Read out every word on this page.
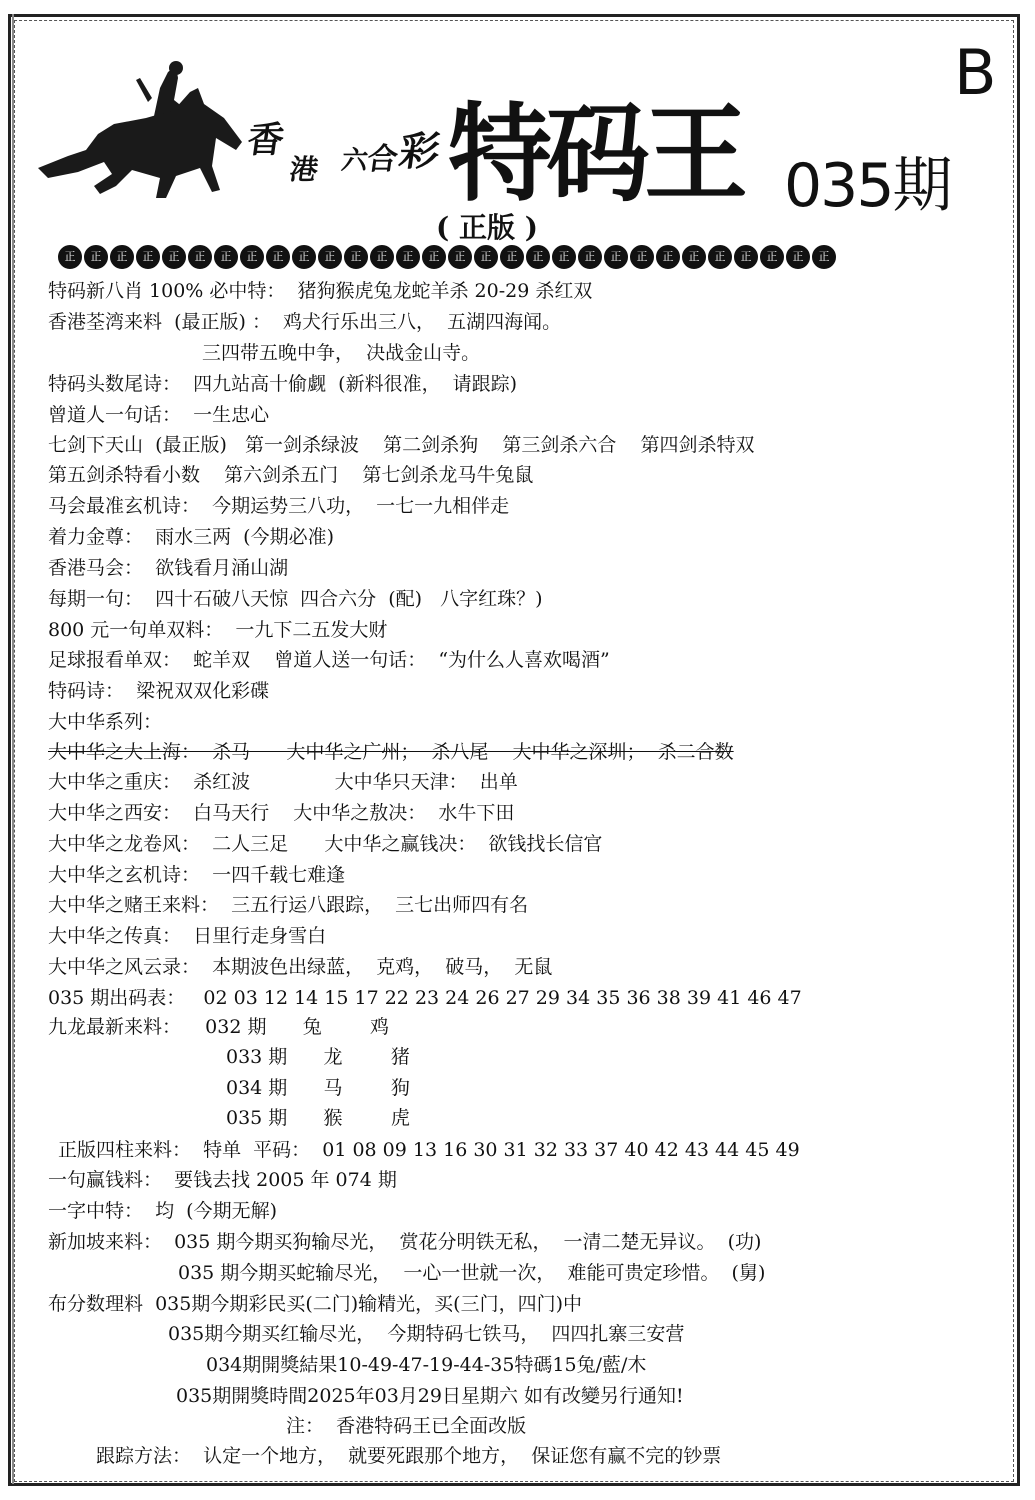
香
港 六
合
彩 特码王 035期
B
( 正版 )
正	正	正	正	正	正	正	正	正	正	正	正	正	正	正	正	正	正	正	正	正	正	正	正	正	正	正	正	正	正
特码新八肖 100% 必中特：  猪狗猴虎兔龙蛇羊杀 20-29 杀红双
香港荃湾来料  (最正版) ：  鸡犬行乐出三八，  五湖四海闻。
三四带五晚中争，  决战金山寺。
特码头数尾诗：  四九站高十偷觑  (新料很准，  请跟踪)
曾道人一句话：  一生忠心
七剑下天山  (最正版)   第一剑杀绿波    第二剑杀狗    第三剑杀六合    第四剑杀特双
第五剑杀特看小数    第六剑杀五门    第七剑杀龙马牛兔鼠
马会最准玄机诗：  今期运势三八功，  一七一九相伴走
着力金尊：  雨水三两  (今期必准)
香港马会：  欲钱看月涌山湖
每期一句：  四十石破八天惊  四合六分  (配)   八字红珠？)
800 元一句单双料：  一九下二五发大财
足球报看单双：  蛇羊双    曾道人送一句话：  “为什么人喜欢喝酒”
特码诗：  梁祝双双化彩碟
大中华系列：
大中华之大上海：  杀马      大中华之广州；  杀八尾    大中华之深圳；  杀二合数
大中华之重庆：  杀红波              大中华只天津：  出单
大中华之西安：  白马天行    大中华之敖决：  水牛下田
大中华之龙卷风：  二人三足      大中华之赢钱决：  欲钱找长信官
大中华之玄机诗：  一四千载七难逢
大中华之赌王来料：  三五行运八跟踪，  三七出师四有名
大中华之传真：  日里行走身雪白
大中华之风云录：  本期波色出绿蓝，  克鸡，  破马，  无鼠
035 期出码表：   02 03 12 14 15 17 22 23 24 26 27 29 34 35 36 38 39 41 46 47
九龙最新来料：    032 期      兔        鸡
033 期      龙        猪
034 期      马        狗
035 期      猴        虎
正版四柱来料：  特单  平码：  01 08 09 13 16 30 31 32 33 37 40 42 43 44 45 49
一句赢钱料：  要钱去找 2005 年 074 期
一字中特：  均  (今期无解)
新加坡来料：  035 期今期买狗输尽光，  赏花分明铁无私，  一清二楚无异议。  (功)
035 期今期买蛇输尽光，  一心一世就一次，  难能可贵定珍惜。  (舅)
布分数理料  035期今期彩民买(二门)输精光，买(三门，四门)中
035期今期买红输尽光，  今期特码七铁马，  四四扎寨三安营
034期開獎結果10-49-47-19-44-35特碼15兔/藍/木
035期開獎時間2025年03月29日星期六 如有改變另行通知!
注：  香港特码王已全面改版
跟踪方法：  认定一个地方，  就要死跟那个地方，  保证您有赢不完的钞票
